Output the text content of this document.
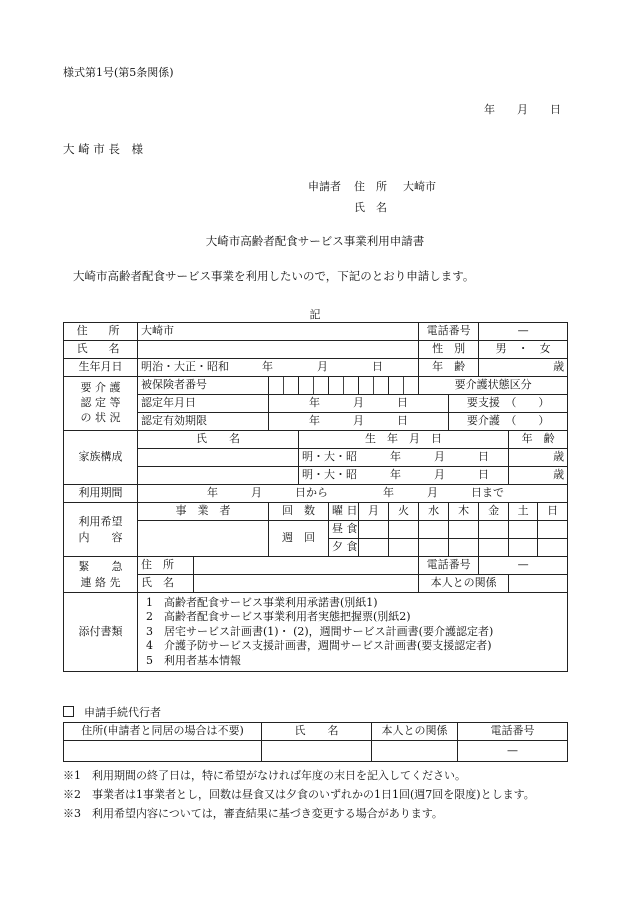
様式第1号(第5条関係)
年　　月　　日
大 崎 市 長　様
申請者 住　所 大崎市
氏　名
大崎市高齢者配食サービス事業利用申請書
大崎市高齢者配食サービス事業を利用したいので，下記のとおり申請します。
記
住　所	大崎市							電話番号		—		
氏　名								性　別		男　・　女		
生年月日	明治・大正・昭和　　　 年　　　　月　　　　日							年　齢		歳		

要 介 護
認 定 等
の 状 況	被保険者番号							要介護状態区分				
	認定年月日		年　　　月　　　日						要支援　（　　）			
	認定有効期限		年　　　月　　　日						要介護　（　　）			
家族構成	氏　　名			生　年　月　日							年　齢	
				明・大・昭　　　 年　　　月　　　日							歳	
				明・大・昭　　　 年　　　月　　　日							歳	
利用期間	　　　　　　年　　　月　　　日から　　　　　 年　　　月　　　日まで											

利用希望
内　　容	事　業　者		回　数		曜 日	月	火	水	木	金	土	日
			週　回		昼 食							
					夕 食							

緊　　急
連 絡 先	住　所							電話番号		—		
	氏　名							本人との関係				
添付書類	1　高齢者配食サービス事業利用承諾書(別紙1)
2　高齢者配食サービス事業利用者実態把握票(別紙2)
3　居宅サービス計画書(1)・ (2)，週間サービス計画書(要介護認定者)
4　介護予防サービス支援計画書，週間サービス計画書(要支援認定者)
5　利用者基本情報											
申請手続代行者
住所(申請者と同居の場合は不要)	氏　　名	本人との関係	電話番号
			—
※1　利用期間の終了日は，特に希望がなければ年度の末日を記入してください。
※2　事業者は1事業者とし，回数は昼食又は夕食のいずれかの1日1回(週7回を限度)とします。
※3　利用希望内容については，審査結果に基づき変更する場合があります。
